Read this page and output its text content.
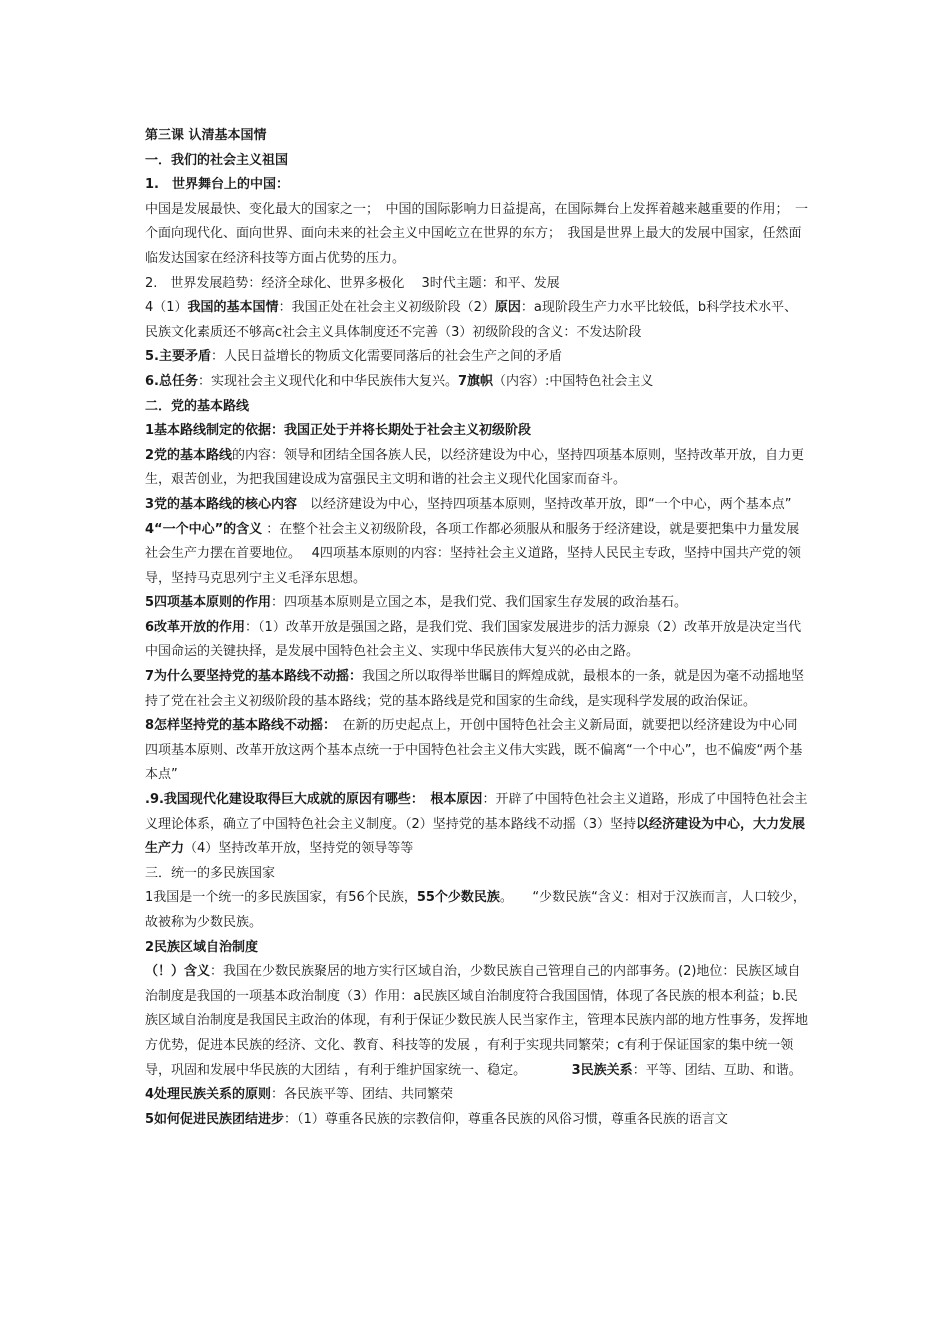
第三课 认清基本国情

一．我们的社会主义祖国

1.　世界舞台上的中国：

中国是发展最快、变化最大的国家之一；　中国的国际影响力日益提高，在国际舞台上发挥着越来越重要的作用；　一个面向现代化、面向世界、面向未来的社会主义中国屹立在世界的东方；　我国是世界上最大的发展中国家，任然面临发达国家在经济科技等方面占优势的压力。

2.　世界发展趋势：经济全球化、世界多极化　 3时代主题：和平、发展

4（1）我国的基本国情：我国正处在社会主义初级阶段（2）原因：a现阶段生产力水平比较低，b科学技术水平、民族文化素质还不够高c社会主义具体制度还不完善（3）初级阶段的含义：不发达阶段

5.主要矛盾：人民日益增长的物质文化需要同落后的社会生产之间的矛盾

6.总任务：实现社会主义现代化和中华民族伟大复兴。7旗帜（内容）:中国特色社会主义

二．党的基本路线

1基本路线制定的依据：我国正处于并将长期处于社会主义初级阶段

2党的基本路线的内容：领导和团结全国各族人民，以经济建设为中心，坚持四项基本原则，坚持改革开放，自力更生，艰苦创业，为把我国建设成为富强民主文明和谐的社会主义现代化国家而奋斗。

3党的基本路线的核心内容　以经济建设为中心，坚持四项基本原则，坚持改革开放，即“一个中心，两个基本点”

4“一个中心”的含义 ：在整个社会主义初级阶段，各项工作都必须服从和服务于经济建设，就是要把集中力量发展社会生产力摆在首要地位。　 4四项基本原则的内容：坚持社会主义道路，坚持人民民主专政，坚持中国共产党的领导，坚持马克思列宁主义毛泽东思想。

5四项基本原则的作用：四项基本原则是立国之本，是我们党、我们国家生存发展的政治基石。

6改革开放的作用：（1）改革开放是强国之路，是我们党、我们国家发展进步的活力源泉（2）改革开放是决定当代中国命运的关键抉择，是发展中国特色社会主义、实现中华民族伟大复兴的必由之路。

7为什么要坚持党的基本路线不动摇：我国之所以取得举世瞩目的辉煌成就，最根本的一条，就是因为毫不动摇地坚持了党在社会主义初级阶段的基本路线；党的基本路线是党和国家的生命线，是实现科学发展的政治保证。

8怎样坚持党的基本路线不动摇：　在新的历史起点上，开创中国特色社会主义新局面，就要把以经济建设为中心同四项基本原则、改革开放这两个基本点统一于中国特色社会主义伟大实践，既不偏离“一个中心”，也不偏废“两个基本点”

.9.我国现代化建设取得巨大成就的原因有哪些：　根本原因：开辟了中国特色社会主义道路，形成了中国特色社会主义理论体系，确立了中国特色社会主义制度。（2）坚持党的基本路线不动摇（3）坚持以经济建设为中心，大力发展生产力（4）坚持改革开放，坚持党的领导等等

三．统一的多民族国家

1我国是一个统一的多民族国家，有56个民族，55个少数民族。　　“少数民族“含义：相对于汉族而言，人口较少，故被称为少数民族。

2民族区域自治制度

（！）含义：我国在少数民族聚居的地方实行区域自治，少数民族自己管理自己的内部事务。(2)地位：民族区域自治制度是我国的一项基本政治制度（3）作用：a民族区域自治制度符合我国国情，体现了各民族的根本利益；b.民族区域自治制度是我国民主政治的体现，有利于保证少数民族人民当家作主，管理本民族内部的地方性事务，发挥地方优势，促进本民族的经济、文化、教育、科技等的发展 ，有利于实现共同繁荣；c有利于保证国家的集中统一领导，巩固和发展中华民族的大团结 ，有利于维护国家统一、稳定。　　　　3民族关系：平等、团结、互助、和谐。4处理民族关系的原则：各民族平等、团结、共同繁荣

5如何促进民族团结进步：（1）尊重各民族的宗教信仰，尊重各民族的风俗习惯，尊重各民族的语言文
